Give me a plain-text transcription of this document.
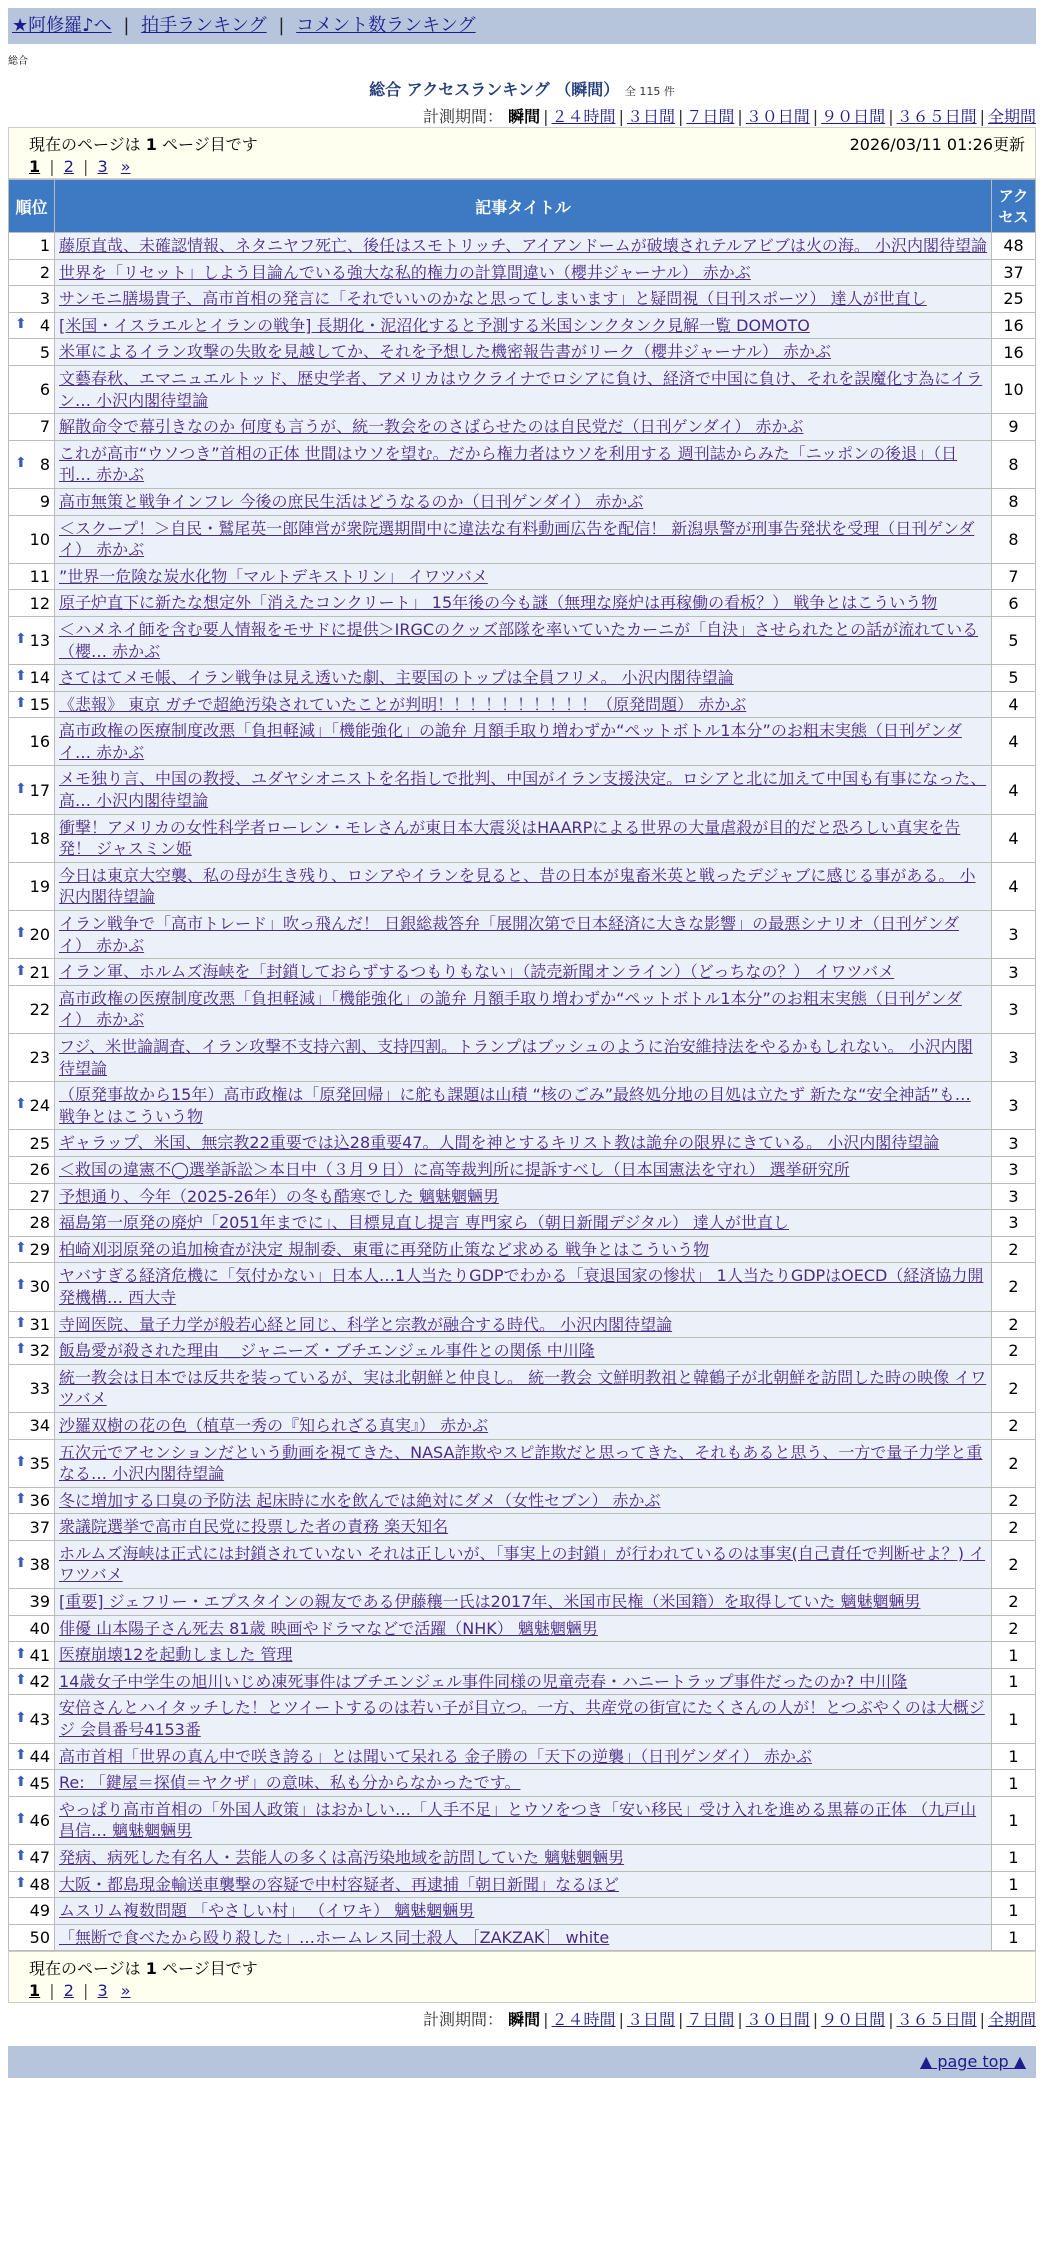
★阿修羅♪へ | 拍手ランキング | コメント数ランキング
総合
総合 アクセスランキング （瞬間） 全 115 件
計測期間： 瞬間 | ２４時間 | ３日間 | ７日間 | ３０日間 | ９０日間 | ３６５日間 | 全期間
現在のページは 1 ページ目です	2026/03/11 01:26更新
1 | 2 | 3 »
順位	記事タイトル	アクセス
1	藤原直哉、未確認情報、ネタニヤフ死亡、後任はスモトリッチ、アイアンドームが破壊されテルアビブは火の海。 小沢内閣待望論	48
2	世界を「リセット」しよう目論んでいる強大な私的権力の計算間違い（櫻井ジャーナル） 赤かぶ	37
3	サンモニ膳場貴子、高市首相の発言に「それでいいのかなと思ってしまいます」と疑問視（日刊スポーツ） 達人が世直し	25

⬆ 4	[米国・イスラエルとイランの戦争] 長期化・泥沼化すると予測する米国シンクタンク見解一覧 DOMOTO	16
5	米軍によるイラン攻撃の失敗を見越してか、それを予想した機密報告書がリーク（櫻井ジャーナル） 赤かぶ	16
6	文藝春秋、エマニュエルトッド、歴史学者、アメリカはウクライナでロシアに負け、経済で中国に負け、それを誤魔化す為にイラン… 小沢内閣待望論	10
7	解散命令で幕引きなのか 何度も言うが、統一教会をのさばらせたのは自民党だ（日刊ゲンダイ） 赤かぶ	9

⬆ 8	これが高市“ウソつき”首相の正体 世間はウソを望む。だから権力者はウソを利用する 週刊誌からみた「ニッポンの後退」（日刊… 赤かぶ	8
9	高市無策と戦争インフレ 今後の庶民生活はどうなるのか（日刊ゲンダイ） 赤かぶ	8
10	＜スクープ！＞自民・鷲尾英一郎陣営が衆院選期間中に違法な有料動画広告を配信！ 新潟県警が刑事告発状を受理（日刊ゲンダイ） 赤かぶ	8
11	”世界一危険な炭水化物「マルトデキストリン」 イワツバメ	7
12	原子炉直下に新たな想定外「消えたコンクリート」 15年後の今も謎（無理な廃炉は再稼働の看板？） 戦争とはこういう物	6

⬆ 13	＜ハメネイ師を含む要人情報をモサドに提供＞IRGCのクッズ部隊を率いていたカーニが「自決」させられたとの話が流れている（櫻… 赤かぶ	5

⬆ 14	さてはてメモ帳、イラン戦争は見え透いた劇、主要国のトップは全員フリメ。 小沢内閣待望論	5

⬆ 15	《悲報》 東京 ガチで超絶汚染されていたことが判明！！！！！！！！！！（原発問題） 赤かぶ	4
16	高市政権の医療制度改悪「負担軽減」「機能強化」の詭弁 月額手取り増わずか“ペットボトル1本分”のお粗末実態（日刊ゲンダイ… 赤かぶ	4

⬆ 17	メモ独り言、中国の教授、ユダヤシオニストを名指しで批判、中国がイラン支援決定。ロシアと北に加えて中国も有事になった、高… 小沢内閣待望論	4
18	衝撃！アメリカの女性科学者ローレン・モレさんが東日本大震災はHAARPによる世界の大量虐殺が目的だと恐ろしい真実を告発！ ジャスミン姫	4
19	今日は東京大空襲、私の母が生き残り、ロシアやイランを見ると、昔の日本が鬼畜米英と戦ったデジャブに感じる事がある。 小沢内閣待望論	4

⬆ 20	イラン戦争で「高市トレード」吹っ飛んだ！ 日銀総裁答弁「展開次第で日本経済に大きな影響」の最悪シナリオ（日刊ゲンダイ） 赤かぶ	3

⬆ 21	イラン軍、ホルムズ海峡を「封鎖しておらずするつもりもない」（読売新聞オンライン）（どっちなの？） イワツバメ	3
22	高市政権の医療制度改悪「負担軽減」「機能強化」の詭弁 月額手取り増わずか“ペットボトル1本分”のお粗末実態（日刊ゲンダイ） 赤かぶ	3
23	フジ、米世論調査、イラン攻撃不支持六割、支持四割。トランプはブッシュのように治安維持法をやるかもしれない。 小沢内閣待望論	3

⬆ 24	（原発事故から15年）高市政権は「原発回帰」に舵も課題は山積 “核のごみ”最終処分地の目処は立たず 新たな“安全神話”も… 戦争とはこういう物	3
25	ギャラップ、米国、無宗教22重要では込28重要47。人間を神とするキリスト教は詭弁の限界にきている。 小沢内閣待望論	3
26	＜救国の違憲不◯選挙訴訟＞本日中（３月９日）に高等裁判所に提訴すべし（日本国憲法を守れ） 選挙研究所	3
27	予想通り、今年（2025-26年）の冬も酷寒でした 魑魅魍魎男	3
28	福島第一原発の廃炉「2051年までに」、目標見直し提言 専門家ら（朝日新聞デジタル） 達人が世直し	3

⬆ 29	柏崎刈羽原発の追加検査が決定 規制委、東電に再発防止策など求める 戦争とはこういう物	2

⬆ 30	ヤバすぎる経済危機に「気付かない」日本人…1人当たりGDPでわかる「衰退国家の惨状」 1人当たりGDPはOECD（経済協力開発機構… 西大寺	2

⬆ 31	寺岡医院、量子力学が般若心経と同じ、科学と宗教が融合する時代。 小沢内閣待望論	2

⬆ 32	飯島愛が殺された理由 ＿ジャニーズ・ブチエンジェル事件との関係 中川隆	2
33	統一教会は日本では反共を装っているが、実は北朝鮮と仲良し。 統一教会 文鮮明教祖と韓鶴子が北朝鮮を訪問した時の映像 イワツバメ	2
34	沙羅双樹の花の色（植草一秀の『知られざる真実』） 赤かぶ	2

⬆ 35	五次元でアセンションだという動画を視てきた、NASA詐欺やスピ詐欺だと思ってきた、それもあると思う、一方で量子力学と重なる… 小沢内閣待望論	2

⬆ 36	冬に増加する口臭の予防法 起床時に水を飲んでは絶対にダメ（女性セブン） 赤かぶ	2
37	衆議院選挙で高市自民党に投票した者の責務 楽天知名	2

⬆ 38	ホルムズ海峡は正式には封鎖されていない それは正しいが、「事実上の封鎖」が行われているのは事実(自己責任で判断せよ？) イワツバメ	2
39	[重要] ジェフリー・エプスタインの親友である伊藤穰一氏は2017年、米国市民権（米国籍）を取得していた 魑魅魍魎男	2
40	俳優 山本陽子さん死去 81歳 映画やドラマなどで活躍（NHK） 魑魅魍魎男	2

⬆ 41	医療崩壊12を起動しました 管理	1

⬆ 42	14歳女子中学生の旭川いじめ凍死事件はブチエンジェル事件同様の児童売春・ハニートラップ事件だったのか? 中川隆	1

⬆ 43	安倍さんとハイタッチした！とツイートするのは若い子が目立つ。一方、共産党の街宣にたくさんの人が！とつぶやくのは大概ジジ 会員番号4153番	1

⬆ 44	高市首相「世界の真ん中で咲き誇る」とは聞いて呆れる 金子勝の「天下の逆襲」（日刊ゲンダイ） 赤かぶ	1

⬆ 45	Re: 「鍵屋＝探偵＝ヤクザ」の意味、私も分からなかったです。	1

⬆ 46	やっぱり高市首相の「外国人政策」はおかしい…「人手不足」とウソをつき「安い移民」受け入れを進める黒幕の正体 （九戸山 昌信… 魑魅魍魎男	1

⬆ 47	発病、病死した有名人・芸能人の多くは高汚染地域を訪問していた 魑魅魍魎男	1

⬆ 48	大阪・都島現金輸送車襲撃の容疑で中村容疑者、再逮捕「朝日新聞」なるほど	1
49	ムスリム複数問題 「やさしい村」 （イワキ） 魑魅魍魎男	1
50	「無断で食べたから殴り殺した」…ホームレス同士殺人 ［ZAKZAK］ white	1
現在のページは 1 ページ目です
1 | 2 | 3 »
計測期間： 瞬間 | ２４時間 | ３日間 | ７日間 | ３０日間 | ９０日間 | ３６５日間 | 全期間
▲ page top ▲
